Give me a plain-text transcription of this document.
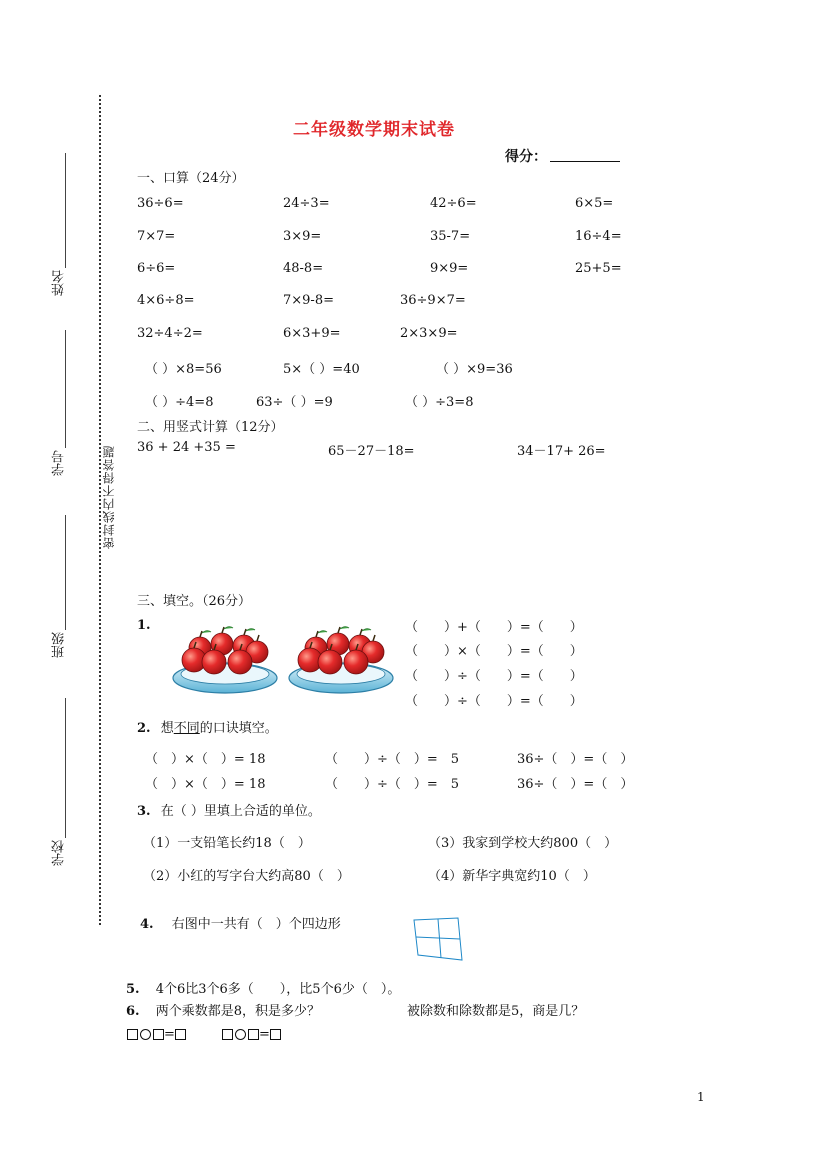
二年级数学期末试卷
得分：
密封线内不得答题
姓名
学号
班级
学校
一、口算（24分）
36÷6=	24÷3=	42÷6=	6×5=
7×7=	3×9=	35-7=	16÷4=
6÷6=	48-8=	9×9=	25+5=
4×6÷8=	7×9-8=	36÷9×7=
32÷4÷2=	6×3+9=	2×3×9=
（ ）×8=56	5×（ ）=40	（ ）×9=36
（ ）÷4=8	63÷（ ）=9	（ ）÷3=8
二、用竖式计算（12分）
36 + 24 +35 =	65－27－18=	34－17+ 26=
三、填空。（26分）
1.	（　　）+（　　）=（　　）
（　　）×（　　）=（　　）
（　　）÷（　　）=（　　）
（　　）÷（　　）=（　　）
2. 想不同的口诀填空。
（　）×（　）= 18	（　　）÷（　）=　5	36÷（　）=（　）
（　）×（　）= 18	（　　）÷（　）=　5	36÷（　）=（　）
3. 在（ ）里填上合适的单位。
（1）一支铅笔长约18（　）	（3）我家到学校大约800（　）
（2）小红的写字台大约高80（　）	（4）新华字典宽约10（　）
4. 右图中一共有（　）个四边形
5. 4个6比3个6多（　　），比5个6少（　）。
6. 两个乘数都是8，积是多少？	被除数和除数都是5，商是几？
=	=
1
